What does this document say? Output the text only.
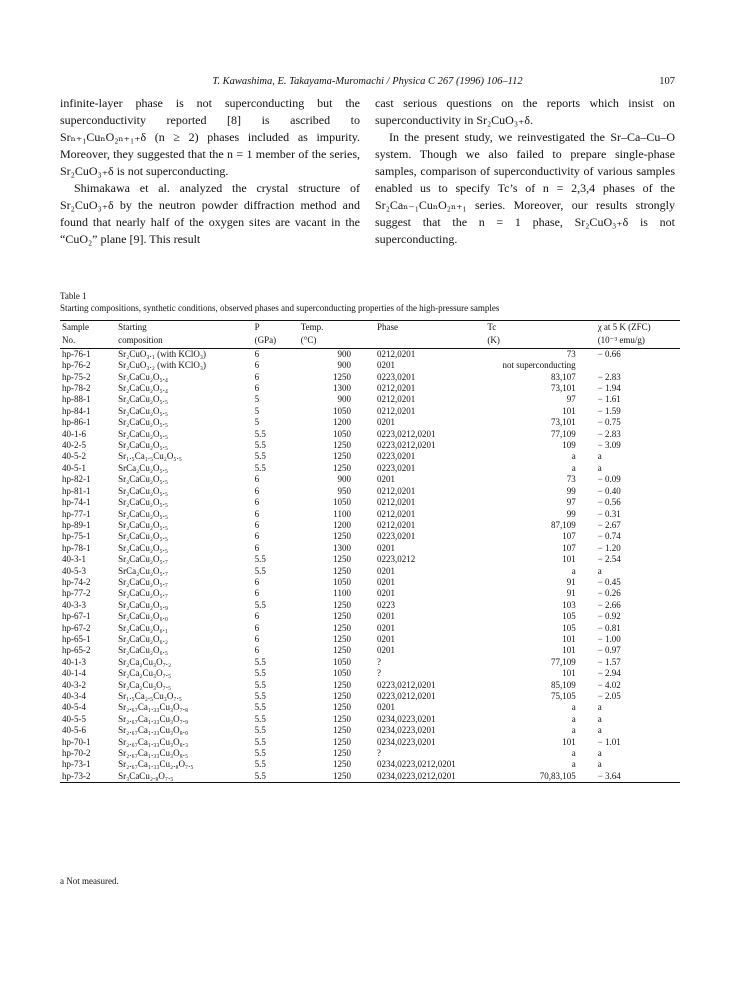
T. Kawashima, E. Takayama-Muromachi / Physica C 267 (1996) 106–112	107

infinite-layer phase is not superconducting but the superconductivity reported [8] is ascribed to Srₙ₊₁CuₙO₂ₙ₊₁₊δ (n ≥ 2) phases included as impurity. Moreover, they suggested that the n = 1 member of the series, Sr₂CuO₃₊δ is not superconducting.

Shimakawa et al. analyzed the crystal structure of Sr₂CuO₃₊δ by the neutron powder diffraction method and found that nearly half of the oxygen sites are vacant in the “CuO₂” plane [9]. This result

cast serious questions on the reports which insist on superconductivity in Sr₂CuO₃₊δ.

In the present study, we reinvestigated the Sr–Ca–Cu–O system. Though we also failed to prepare single-phase samples, comparison of superconductivity of various samples enabled us to specify Tc’s of n = 2,3,4 phases of the Sr₂Caₙ₋₁CuₙO₂ₙ₊₁ series. Moreover, our results strongly suggest that the n = 1 phase, Sr₂CuO₃₊δ is not superconducting.

Table 1
Starting compositions, synthetic conditions, observed phases and superconducting properties of the high-pressure samples
Sample	Starting	P	Temp.	Phase	Tc	χ at 5 K (ZFC)
No.	composition	(GPa)	(°C)		(K)	(10⁻³ emu/g)
hp-76-1	Sr₂CuO₃.₁ (with KClO₃)	6	900	0212,0201	73	− 0.66
hp-76-2	Sr₂CuO₃.₂ (with KClO₃)	6	900	0201	not superconducting	
hp-75-2	Sr₂CaCu₂O₅.₄	6	1250	0223,0201	83,107	− 2.83
hp-78-2	Sr₂CaCu₂O₅.₄	6	1300	0212,0201	73,101	− 1.94
hp-88-1	Sr₂CaCu₂O₅.₅	5	900	0212,0201	97	− 1.61
hp-84-1	Sr₂CaCu₂O₅.₅	5	1050	0212,0201	101	− 1.59
hp-86-1	Sr₂CaCu₂O₅.₅	5	1200	0201	73,101	− 0.75
40-1-6	Sr₂CaCu₂O₅.₅	5.5	1050	0223,0212,0201	77,109	− 2.83
40-2-5	Sr₂CaCu₂O₅.₅	5.5	1250	0223,0212,0201	109	− 3.09
40-5-2	Sr₁.₅Ca₁.₅Cu₂O₅.₅	5.5	1250	0223,0201	a	a
40-5-1	SrCa₂Cu₂O₅.₅	5.5	1250	0223,0201	a	a
hp-82-1	Sr₂CaCu₂O₅.₅	6	900	0201	73	− 0.09
hp-81-1	Sr₂CaCu₂O₅.₅	6	950	0212,0201	99	− 0.40
hp-74-1	Sr₂CaCu₂O₅.₅	6	1050	0212,0201	97	− 0.56
hp-77-1	Sr₂CaCu₂O₅.₅	6	1100	0212,0201	99	− 0.31
hp-89-1	Sr₂CaCu₂O₅.₅	6	1200	0212,0201	87,109	− 2.67
hp-75-1	Sr₂CaCu₂O₅.₅	6	1250	0223,0201	107	− 0.74
hp-78-1	Sr₂CaCu₂O₅.₅	6	1300	0201	107	− 1.20
40-3-1	Sr₂CaCu₂O₅.₇	5.5	1250	0223,0212	101	− 2.54
40-5-3	SrCa₂Cu₂O₅.₇	5.5	1250	0201	a	a
hp-74-2	Sr₂CaCu₂O₅.₇	6	1050	0201	91	− 0.45
hp-77-2	Sr₂CaCu₂O₅.₇	6	1100	0201	91	− 0.26
40-3-3	Sr₂CaCu₂O₅.₉	5.5	1250	0223	103	− 2.66
hp-67-1	Sr₂CaCu₂O₆.₀	6	1250	0201	105	− 0.92
hp-67-2	Sr₂CaCu₂O₆.₁	6	1250	0201	105	− 0.81
hp-65-1	Sr₂CaCu₂O₆.₂	6	1250	0201	101	− 1.00
hp-65-2	Sr₂CaCu₂O₆.₅	6	1250	0201	101	− 0.97
40-1-3	Sr₂Ca₂Cu₃O₇.₂	5.5	1050	?	77,109	− 1.57
40-1-4	Sr₂Ca₂Cu₃O₇.₅	5.5	1050	?	101	− 2.94
40-3-2	Sr₂Ca₂Cu₃O₇.₅	5.5	1250	0223,0212,0201	85,109	− 4.02
40-3-4	Sr₁.₅Ca₂.₅Cu₃O₇.₅	5.5	1250	0223,0212,0201	75,105	− 2.05
40-5-4	Sr₂.₆₇Ca₁.₃₃Cu₃O₇.₈	5.5	1250	0201	a	a
40-5-5	Sr₂.₆₇Ca₁.₃₃Cu₃O₇.₉	5.5	1250	0234,0223,0201	a	a
40-5-6	Sr₂.₆₇Ca₁.₃₃Cu₃O₈.₀	5.5	1250	0234,0223,0201	a	a
hp-70-1	Sr₂.₆₇Ca₁.₃₃Cu₃O₈.₃	5.5	1250	0234,0223,0201	101	− 1.01
hp-70-2	Sr₂.₆₇Ca₁.₃₃Cu₃O₈.₅	5.5	1250	?	a	a
hp-73-1	Sr₂.₆₇Ca₁.₃₃Cu₂.₈O₇.₅	5.5	1250	0234,0223,0212,0201	a	a
hp-73-2	Sr₃CaCu₂.₈O₇.₅	5.5	1250	0234,0223,0212,0201	70,83,105	− 3.64
a Not measured.
